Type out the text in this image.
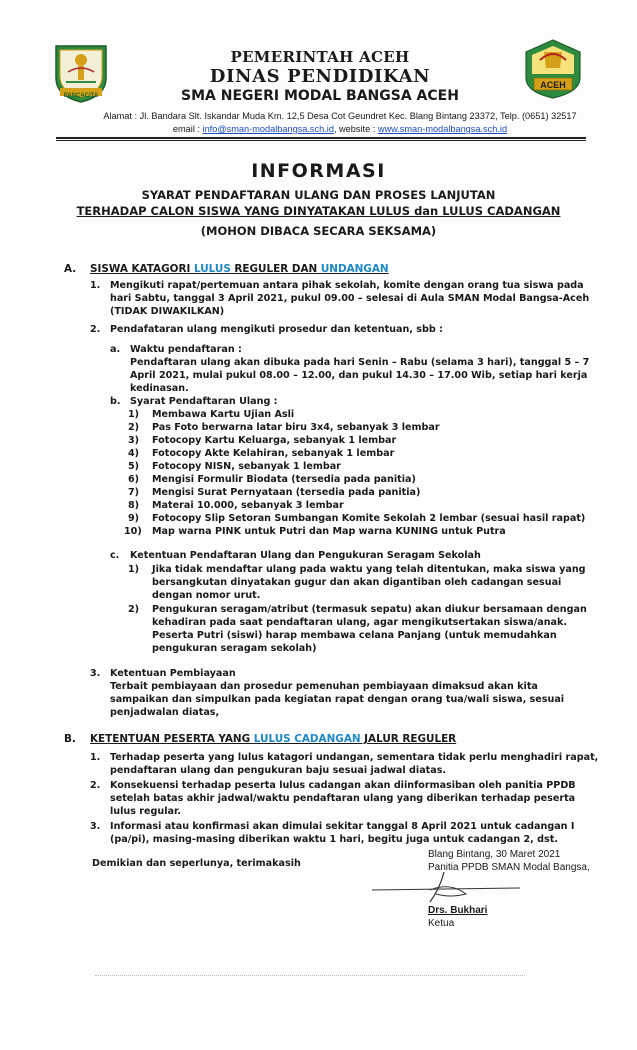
PANCACITA
ACEH
PEMERINTAH ACEH
DINAS PENDIDIKAN
SMA NEGERI MODAL BANGSA ACEH
Alamat : Jl. Bandara Slt. Iskandar Muda Km. 12,5 Desa Cot Geundret Kec. Blang Bintang 23372, Telp. (0651) 32517
email : info@sman-modalbangsa.sch.id, website : www.sman-modalbangsa.sch.id
INFORMASI
SYARAT PENDAFTARAN ULANG DAN PROSES LANJUTAN
TERHADAP CALON SISWA YANG DINYATAKAN LULUS dan LULUS CADANGAN
(MOHON DIBACA SECARA SEKSAMA)
A. SISWA KATAGORI LULUS REGULER DAN UNDANGAN
1. Mengikuti rapat/pertemuan antara pihak sekolah, komite dengan orang tua siswa pada
hari Sabtu, tanggal 3 April 2021, pukul 09.00 – selesai di Aula SMAN Modal Bangsa-Aceh
(TIDAK DIWAKILKAN)
2. Pendafataran ulang mengikuti prosedur dan ketentuan, sbb :
a. Waktu pendaftaran :
Pendaftaran ulang akan dibuka pada hari Senin – Rabu (selama 3 hari), tanggal 5 – 7
April 2021, mulai pukul 08.00 – 12.00, dan pukul 14.30 – 17.00 Wib, setiap hari kerja
kedinasan.
b. Syarat Pendaftaran Ulang :
1) Membawa Kartu Ujian Asli
2) Pas Foto berwarna latar biru 3x4, sebanyak 3 lembar
3) Fotocopy Kartu Keluarga, sebanyak 1 lembar
4) Fotocopy Akte Kelahiran, sebanyak 1 lembar
5) Fotocopy NISN, sebanyak 1 lembar
6) Mengisi Formulir Biodata (tersedia pada panitia)
7) Mengisi Surat Pernyataan (tersedia pada panitia)
8) Materai 10.000, sebanyak 3 lembar
9) Fotocopy Slip Setoran Sumbangan Komite Sekolah 2 lembar (sesuai hasil rapat)
10) Map warna PINK untuk Putri dan Map warna KUNING untuk Putra
c. Ketentuan Pendaftaran Ulang dan Pengukuran Seragam Sekolah
1) Jika tidak mendaftar ulang pada waktu yang telah ditentukan, maka siswa yang
bersangkutan dinyatakan gugur dan akan digantiban oleh cadangan sesuai
dengan nomor urut.
2) Pengukuran seragam/atribut (termasuk sepatu) akan diukur bersamaan dengan
kehadiran pada saat pendaftaran ulang, agar mengikutsertakan siswa/anak.
Peserta Putri (siswi) harap membawa celana Panjang (untuk memudahkan
pengukuran seragam sekolah)
3. Ketentuan Pembiayaan
Terbait pembiayaan dan prosedur pemenuhan pembiayaan dimaksud akan kita
sampaikan dan simpulkan pada kegiatan rapat dengan orang tua/wali siswa, sesuai
penjadwalan diatas,
B. KETENTUAN PESERTA YANG LULUS CADANGAN JALUR REGULER
1. Terhadap peserta yang lulus katagori undangan, sementara tidak perlu menghadiri rapat,
pendaftaran ulang dan pengukuran baju sesuai jadwal diatas.
2. Konsekuensi terhadap peserta lulus cadangan akan diinformasiban oleh panitia PPDB
setelah batas akhir jadwal/waktu pendaftaran ulang yang diberikan terhadap peserta
lulus regular.
3. Informasi atau konfirmasi akan dimulai sekitar tanggal 8 April 2021 untuk cadangan I
(pa/pi), masing-masing diberikan waktu 1 hari, begitu juga untuk cadangan 2, dst.
Demikian dan seperlunya, terimakasih
Blang Bintang, 30 Maret 2021
Panitia PPDB SMAN Modal Bangsa,
Drs. Bukhari
Ketua
